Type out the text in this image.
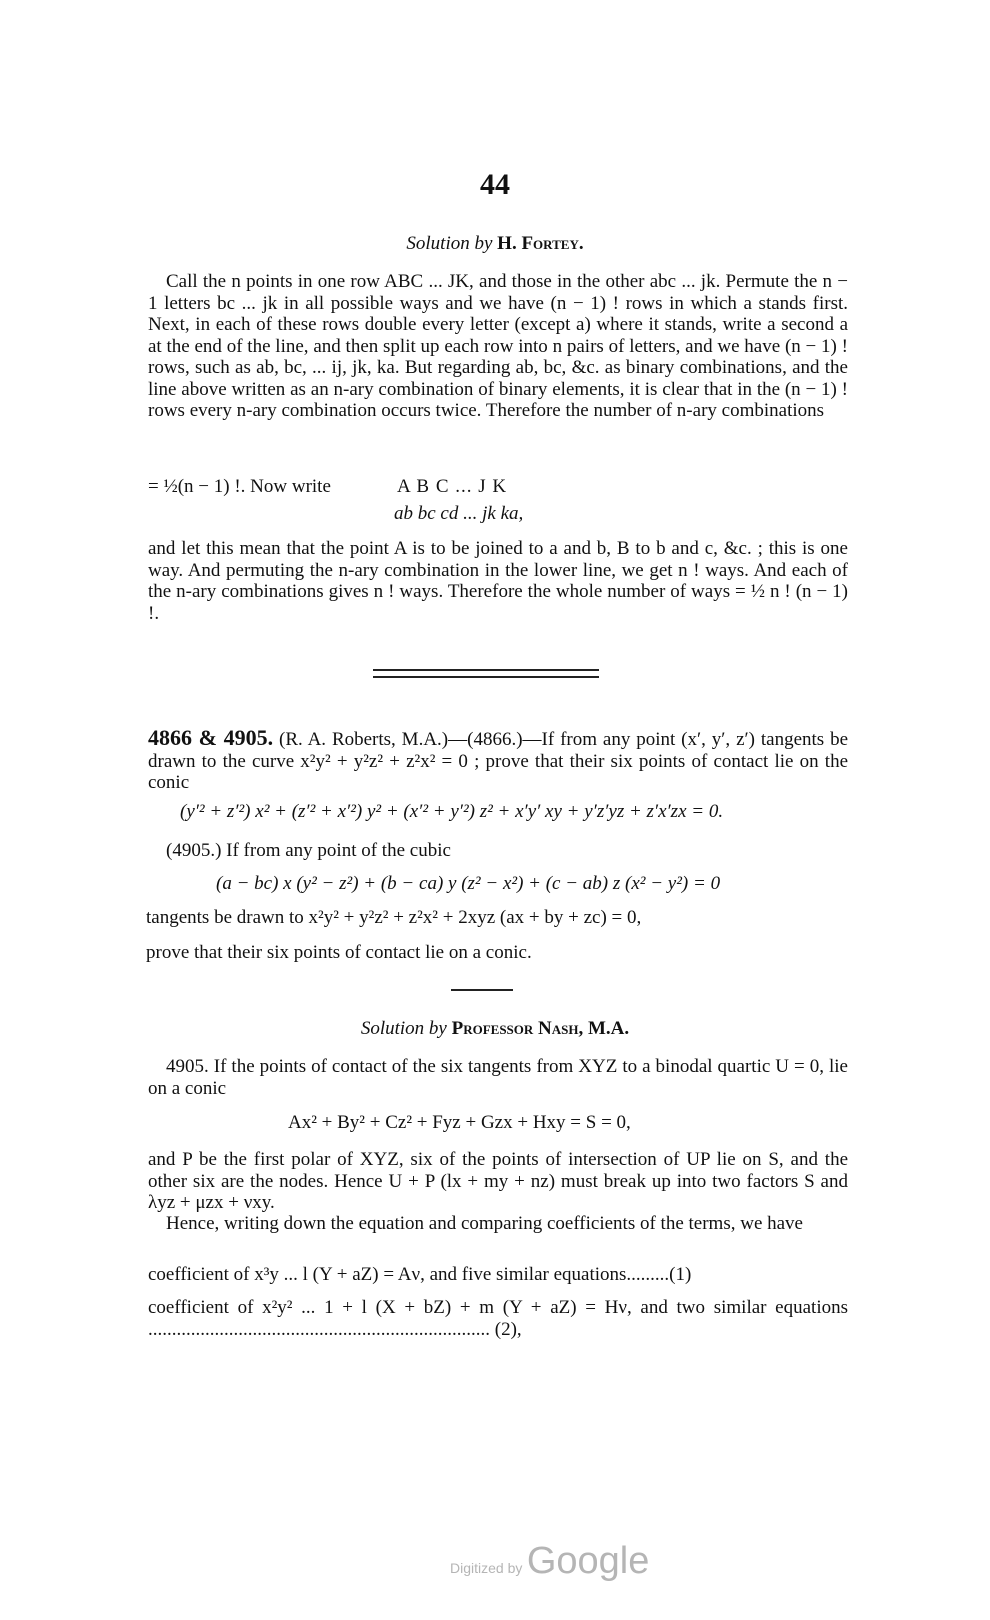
44
Solution by H. Fortey.

Call the n points in one row ABC ... JK, and those in the other abc ... jk. Permute the n − 1 letters bc ... jk in all possible ways and we have (n − 1) ! rows in which a stands first. Next, in each of these rows double every letter (except a) where it stands, write a second a at the end of the line, and then split up each row into n pairs of letters, and we have (n − 1) ! rows, such as ab, bc, ... ij, jk, ka. But regarding ab, bc, &c. as binary combinations, and the line above written as an n-ary combination of binary elements, it is clear that in the (n − 1) ! rows every n-ary combination occurs twice. Therefore the number of n-ary combinations

= ½(n − 1) !. Now write	A B C ... J K
ab bc cd ... jk ka,

and let this mean that the point A is to be joined to a and b, B to b and c, &c. ; this is one way. And permuting the n-ary combination in the lower line, we get n ! ways. And each of the n-ary combinations gives n ! ways. Therefore the whole number of ways = ½ n ! (n − 1) !.

4866 & 4905. (R. A. Roberts, M.A.)—(4866.)—If from any point (x′, y′, z′) tangents be drawn to the curve x²y² + y²z² + z²x² = 0 ; prove that their six points of contact lie on the conic

(y′² + z′²) x² + (z′² + x′²) y² + (x′² + y′²) z² + x′y′ xy + y′z′yz + z′x′zx = 0.
(4905.) If from any point of the cubic
(a − bc) x (y² − z²) + (b − ca) y (z² − x²) + (c − ab) z (x² − y²) = 0
tangents be drawn to x²y² + y²z² + z²x² + 2xyz (ax + by + zc) = 0,
prove that their six points of contact lie on a conic.
Solution by Professor Nash, M.A.

4905. If the points of contact of the six tangents from XYZ to a binodal quartic U = 0, lie on a conic

Ax² + By² + Cz² + Fyz + Gzx + Hxy = S = 0,

and P be the first polar of XYZ, six of the points of intersection of UP lie on S, and the other six are the nodes. Hence U + P (lx + my + nz) must break up into two factors S and λyz + μzx + νxy.

Hence, writing down the equation and comparing coefficients of the terms, we have

coefficient of x³y ... l (Y + aZ) = Aν, and five similar equations.........(1)

coefficient of x²y² ... 1 + l (X + bZ) + m (Y + aZ) = Hν, and two similar equations ........................................................................ (2),

Digitized by Google
